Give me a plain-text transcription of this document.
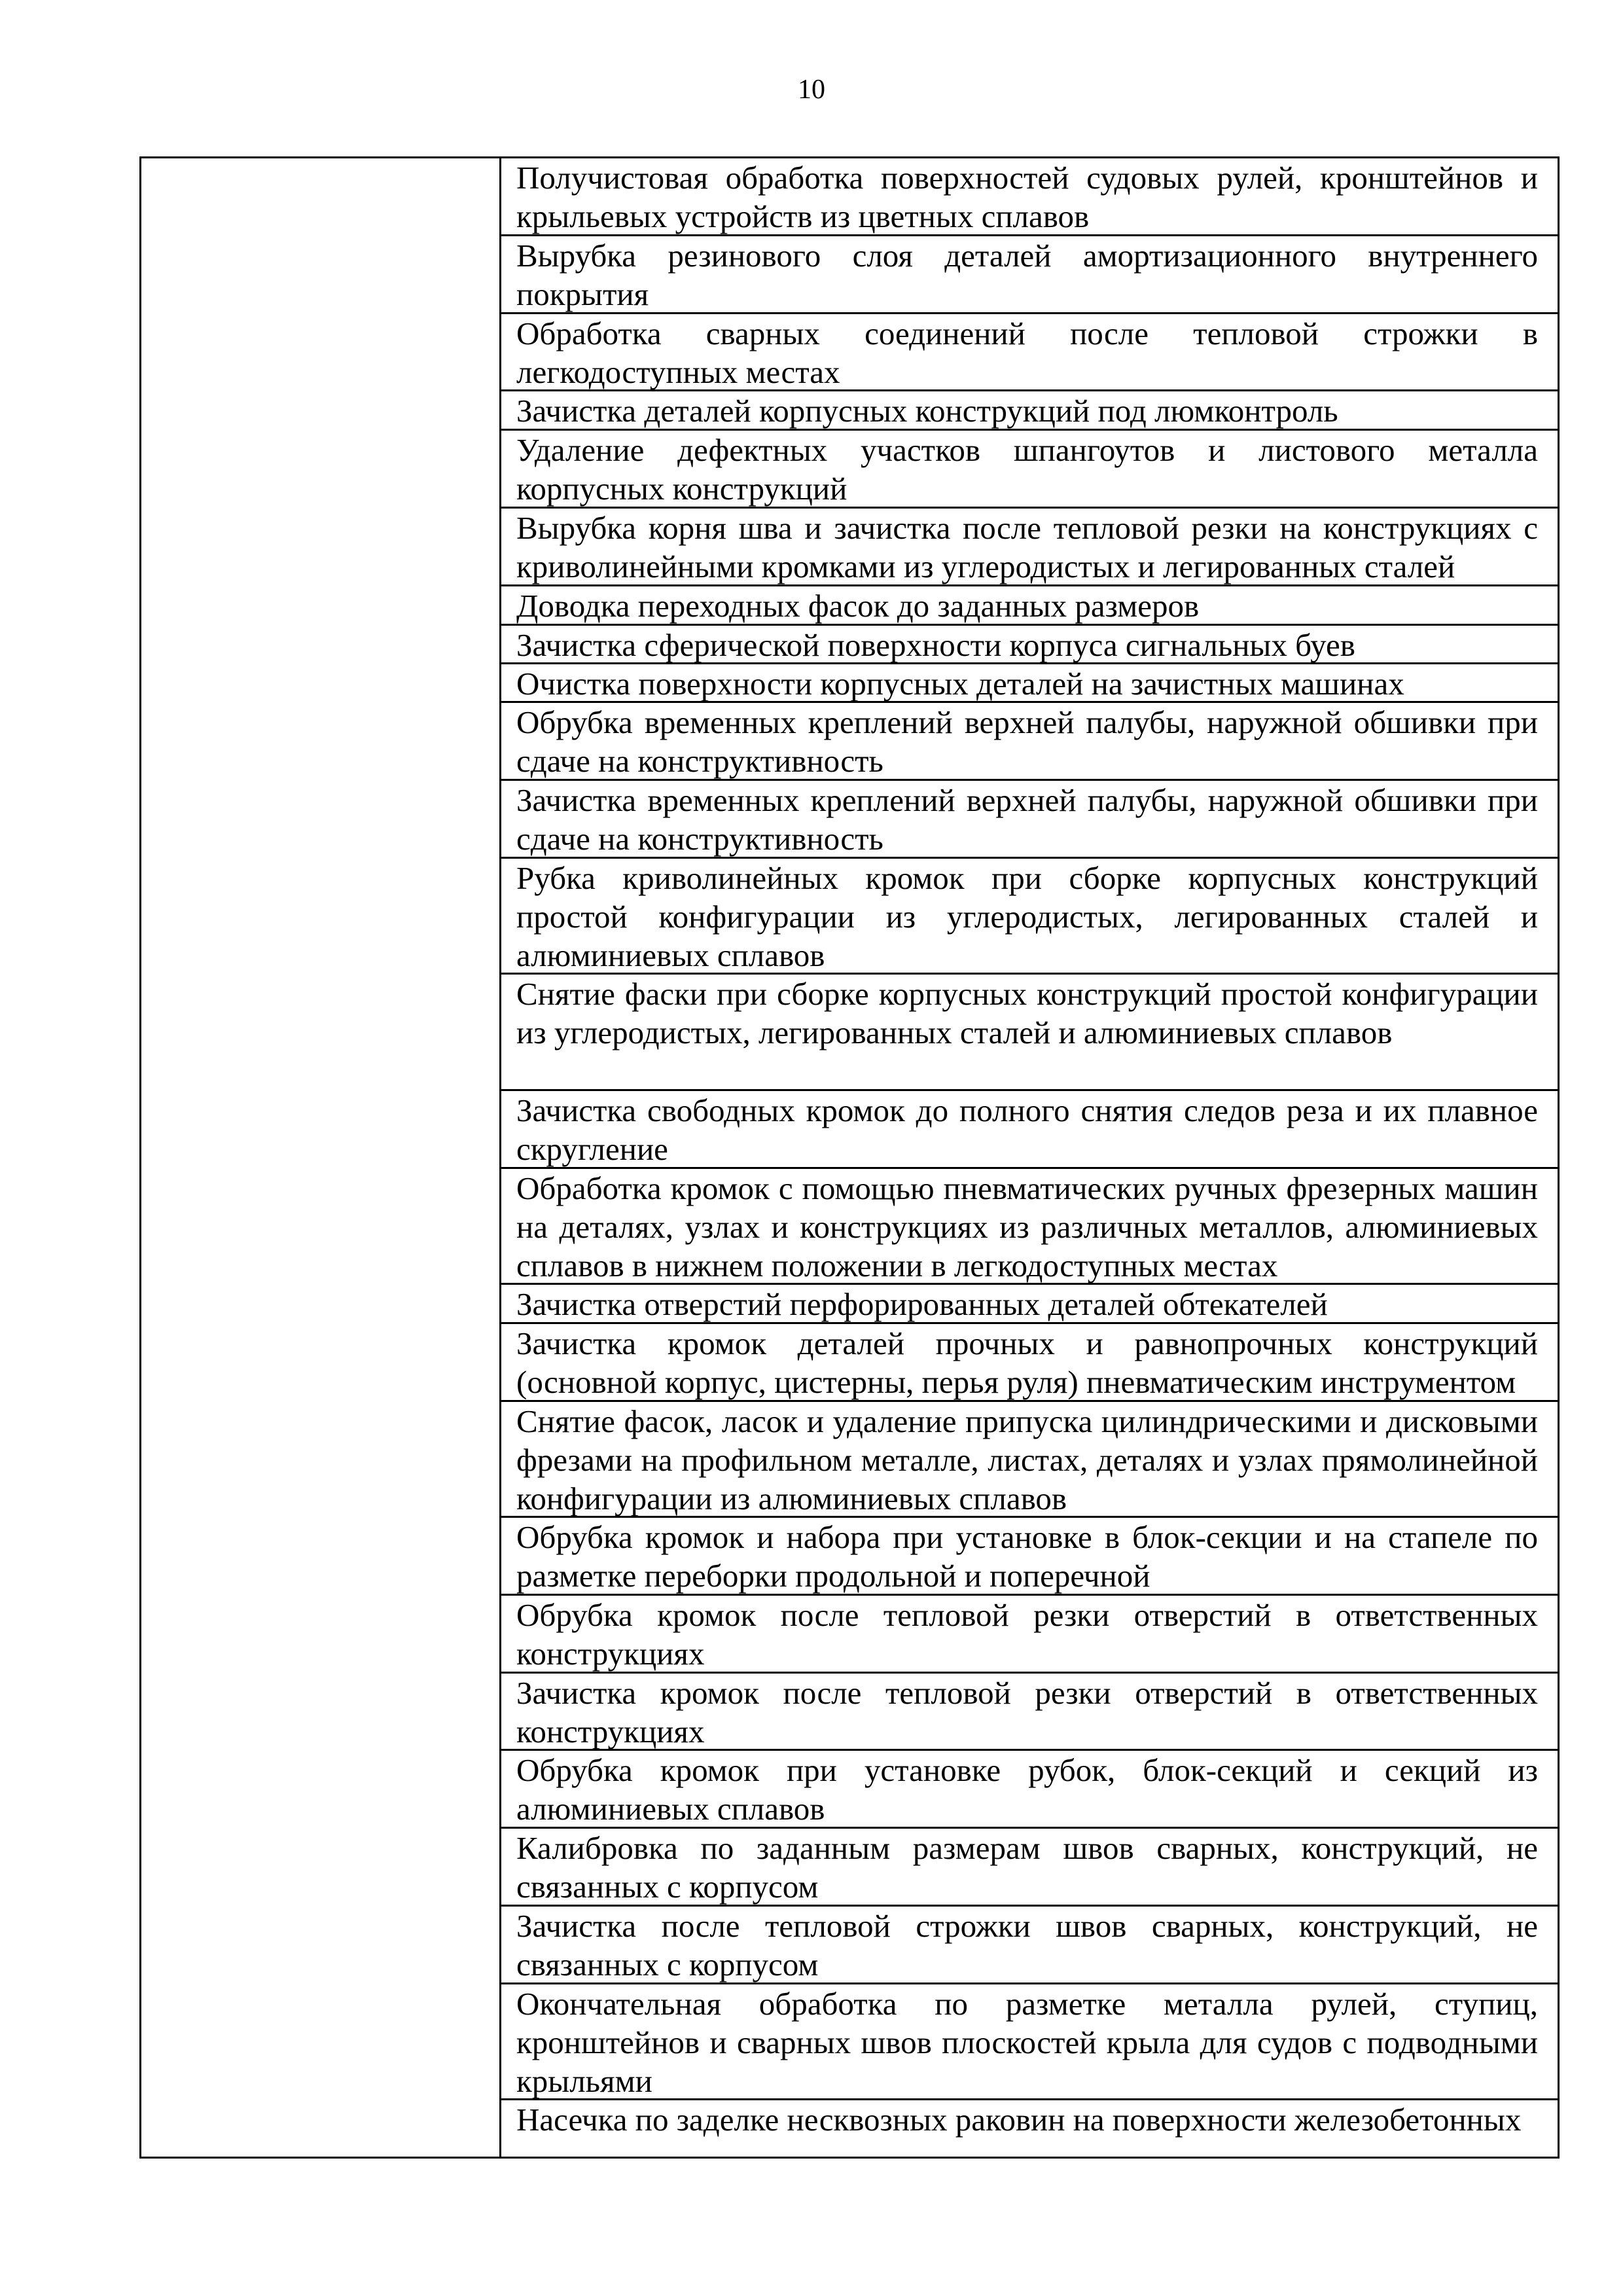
10
Получистовая обработка поверхностей судовых рулей, кронштейнов и крыльевых устройств из цветных сплавов
Вырубка резинового слоя деталей амортизационного внутреннего покрытия
Обработка сварных соединений после тепловой строжки в легкодоступных местах
Зачистка деталей корпусных конструкций под люмконтроль
Удаление дефектных участков шпангоутов и листового металла корпусных конструкций
Вырубка корня шва и зачистка после тепловой резки на конструкциях с криволинейными кромками из углеродистых и легированных сталей
Доводка переходных фасок до заданных размеров
Зачистка сферической поверхности корпуса сигнальных буев
Очистка поверхности корпусных деталей на зачистных машинах
Обрубка временных креплений верхней палубы, наружной обшивки при сдаче на конструктивность
Зачистка временных креплений верхней палубы, наружной обшивки при сдаче на конструктивность
Рубка криволинейных кромок при сборке корпусных конструкций простой конфигурации из углеродистых, легированных сталей и алюминиевых сплавов
Снятие фаски при сборке корпусных конструкций простой конфигурации из углеродистых, легированных сталей и алюминиевых сплавов
Зачистка свободных кромок до полного снятия следов реза и их плавное скругление
Обработка кромок с помощью пневматических ручных фрезерных машин на деталях, узлах и конструкциях из различных металлов, алюминиевых сплавов в нижнем положении в легкодоступных местах
Зачистка отверстий перфорированных деталей обтекателей
Зачистка кромок деталей прочных и равнопрочных конструкций (основной корпус, цистерны, перья руля) пневматическим инструментом
Снятие фасок, ласок и удаление припуска цилиндрическими и дисковыми фрезами на профильном металле, листах, деталях и узлах прямолинейной конфигурации из алюминиевых сплавов
Обрубка кромок и набора при установке в блок-секции и на стапеле по разметке переборки продольной и поперечной
Обрубка кромок после тепловой резки отверстий в ответственных конструкциях
Зачистка кромок после тепловой резки отверстий в ответственных конструкциях
Обрубка кромок при установке рубок, блок-секций и секций из алюминиевых сплавов
Калибровка по заданным размерам швов сварных, конструкций, не связанных с корпусом
Зачистка после тепловой строжки швов сварных, конструкций, не связанных с корпусом
Окончательная обработка по разметке металла рулей, ступиц, кронштейнов и сварных швов плоскостей крыла для судов с подводными крыльями
Насечка по заделке несквозных раковин на поверхности железобетонных
